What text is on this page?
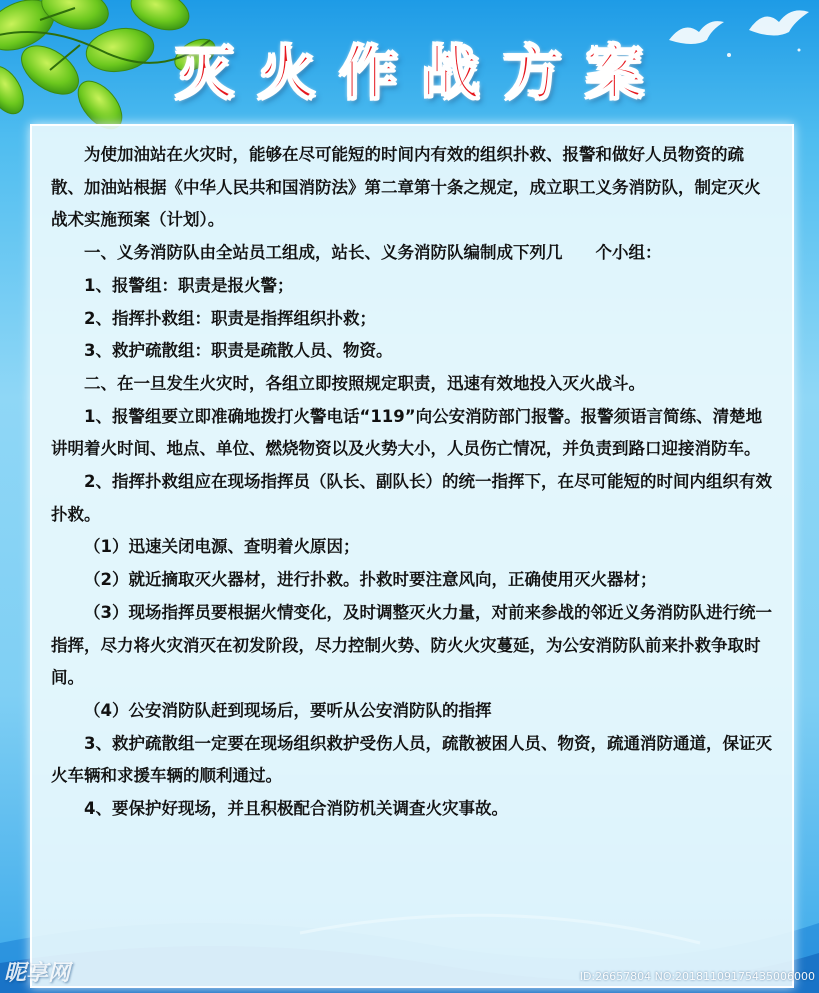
灭火作战方案

为使加油站在火灾时，能够在尽可能短的时间内有效的组织扑救、报警和做好人员物资的疏散、加油站根据《中华人民共和国消防法》第二章第十条之规定，成立职工义务消防队，制定灭火战术实施预案（计划）。

一、义务消防队由全站员工组成，站长、义务消防队编制成下列几　　个小组：

1、报警组：职责是报火警；

2、指挥扑救组：职责是指挥组织扑救；

3、救护疏散组：职责是疏散人员、物资。

二、在一旦发生火灾时，各组立即按照规定职责，迅速有效地投入灭火战斗。

1、报警组要立即准确地拨打火警电话“119”向公安消防部门报警。报警须语言简练、清楚地讲明着火时间、地点、单位、燃烧物资以及火势大小，人员伤亡情况，并负责到路口迎接消防车。

2、指挥扑救组应在现场指挥员（队长、副队长）的统一指挥下，在尽可能短的时间内组织有效扑救。

（1）迅速关闭电源、查明着火原因；

（2）就近摘取灭火器材，进行扑救。扑救时要注意风向，正确使用灭火器材；

（3）现场指挥员要根据火情变化，及时调整灭火力量，对前来参战的邻近义务消防队进行统一指挥，尽力将火灾消灭在初发阶段，尽力控制火势、防火火灾蔓延，为公安消防队前来扑救争取时间。

（4）公安消防队赶到现场后，要听从公安消防队的指挥

3、救护疏散组一定要在现场组织救护受伤人员，疏散被困人员、物资，疏通消防通道，保证灭火车辆和求援车辆的顺利通过。

4、要保护好现场，并且积极配合消防机关调查火灾事故。

昵享网	ID:26657804 NO:20181109175435006000
